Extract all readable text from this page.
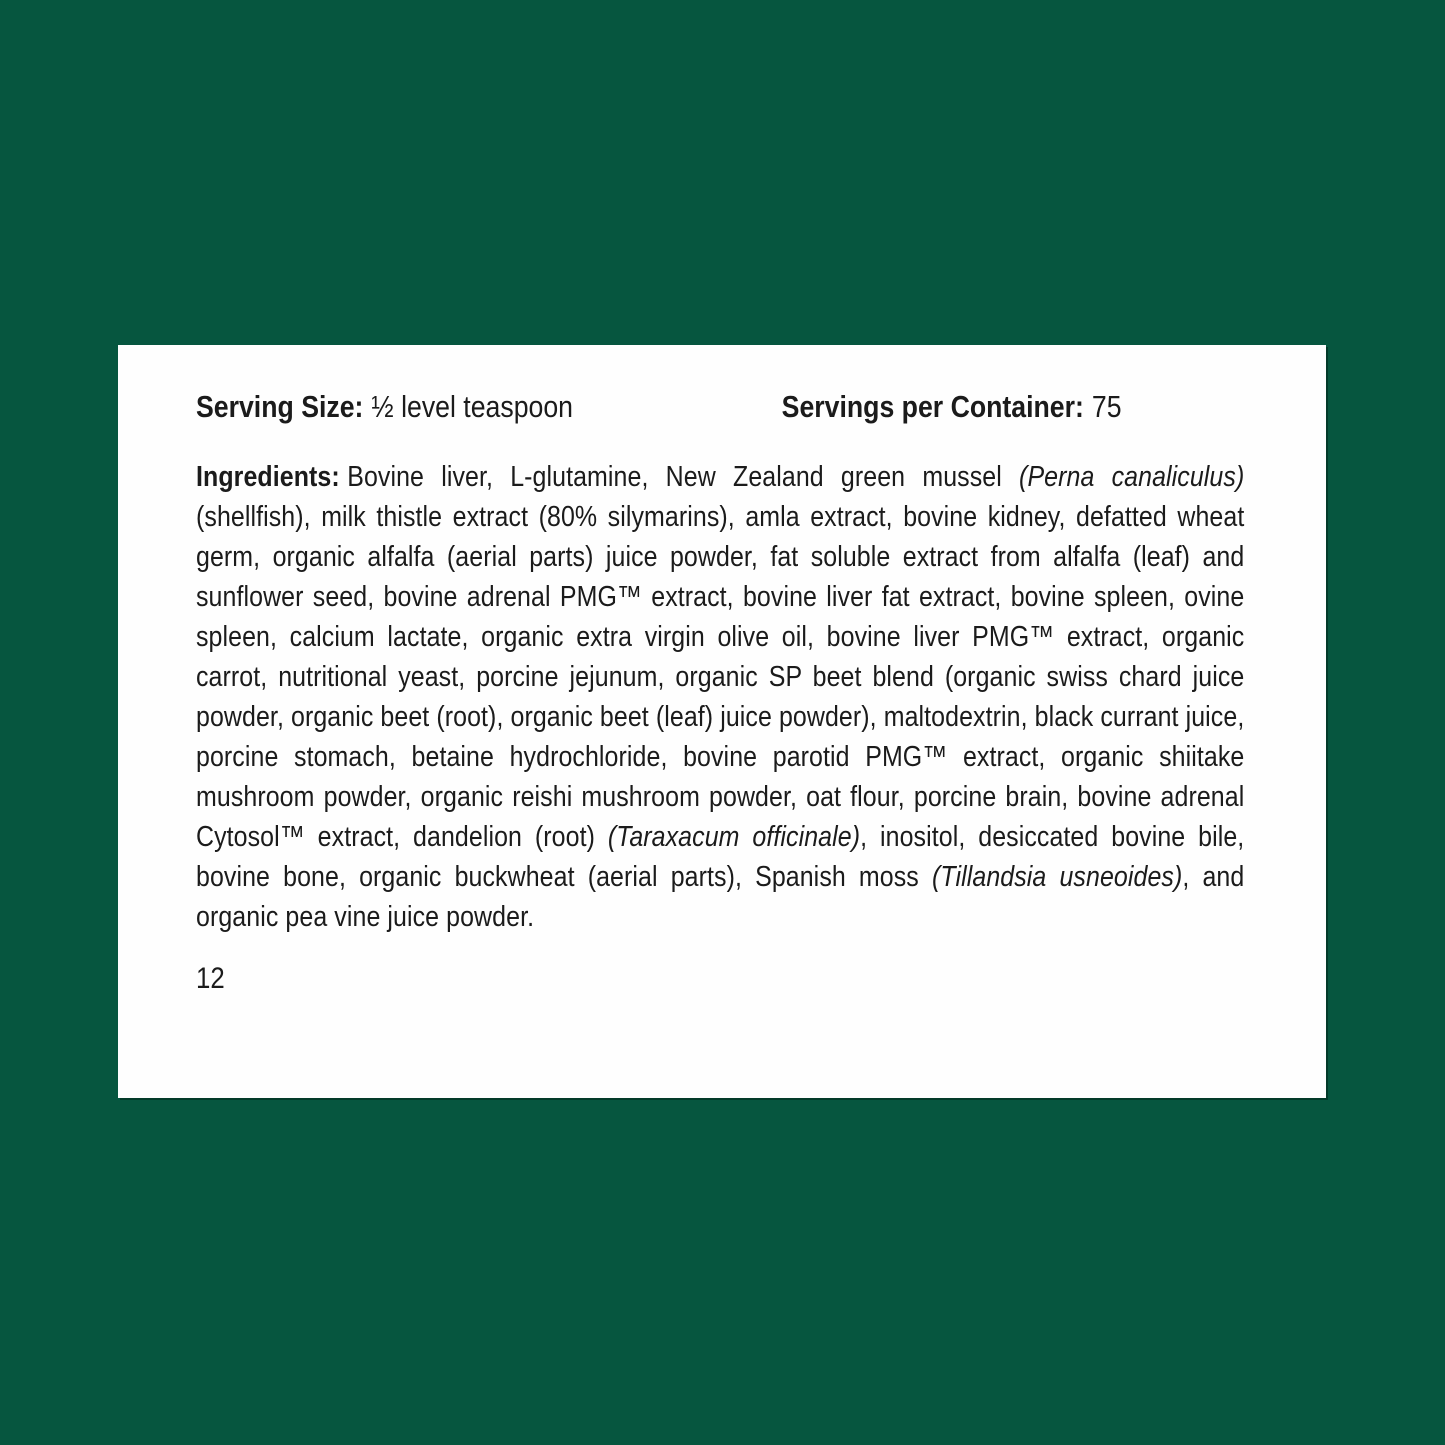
Serving Size: ½ level teaspoon	Servings per Container: 75

Ingredients: Bovine liver, L-glutamine, New Zealand green mussel (Perna canaliculus) (shellfish), milk thistle extract (80% silymarins), amla extract, bovine kidney, defatted wheat germ, organic alfalfa (aerial parts) juice powder, fat soluble extract from alfalfa (leaf) and sunflower seed, bovine adrenal PMG™ extract, bovine liver fat extract, bovine spleen, ovine spleen, calcium lactate, organic extra virgin olive oil, bovine liver PMG™ extract, organic carrot, nutritional yeast, porcine jejunum, organic SP beet blend (organic swiss chard juice powder, organic beet (root), organic beet (leaf) juice powder), maltodextrin, black currant juice, porcine stomach, betaine hydrochloride, bovine parotid PMG™ extract, organic shiitake mushroom powder, organic reishi mushroom powder, oat flour, porcine brain, bovine adrenal Cytosol™ extract, dandelion (root) (Taraxacum officinale), inositol, desiccated bovine bile, bovine bone, organic buckwheat (aerial parts), Spanish moss (Tillandsia usneoides), and organic pea vine juice powder.

12
